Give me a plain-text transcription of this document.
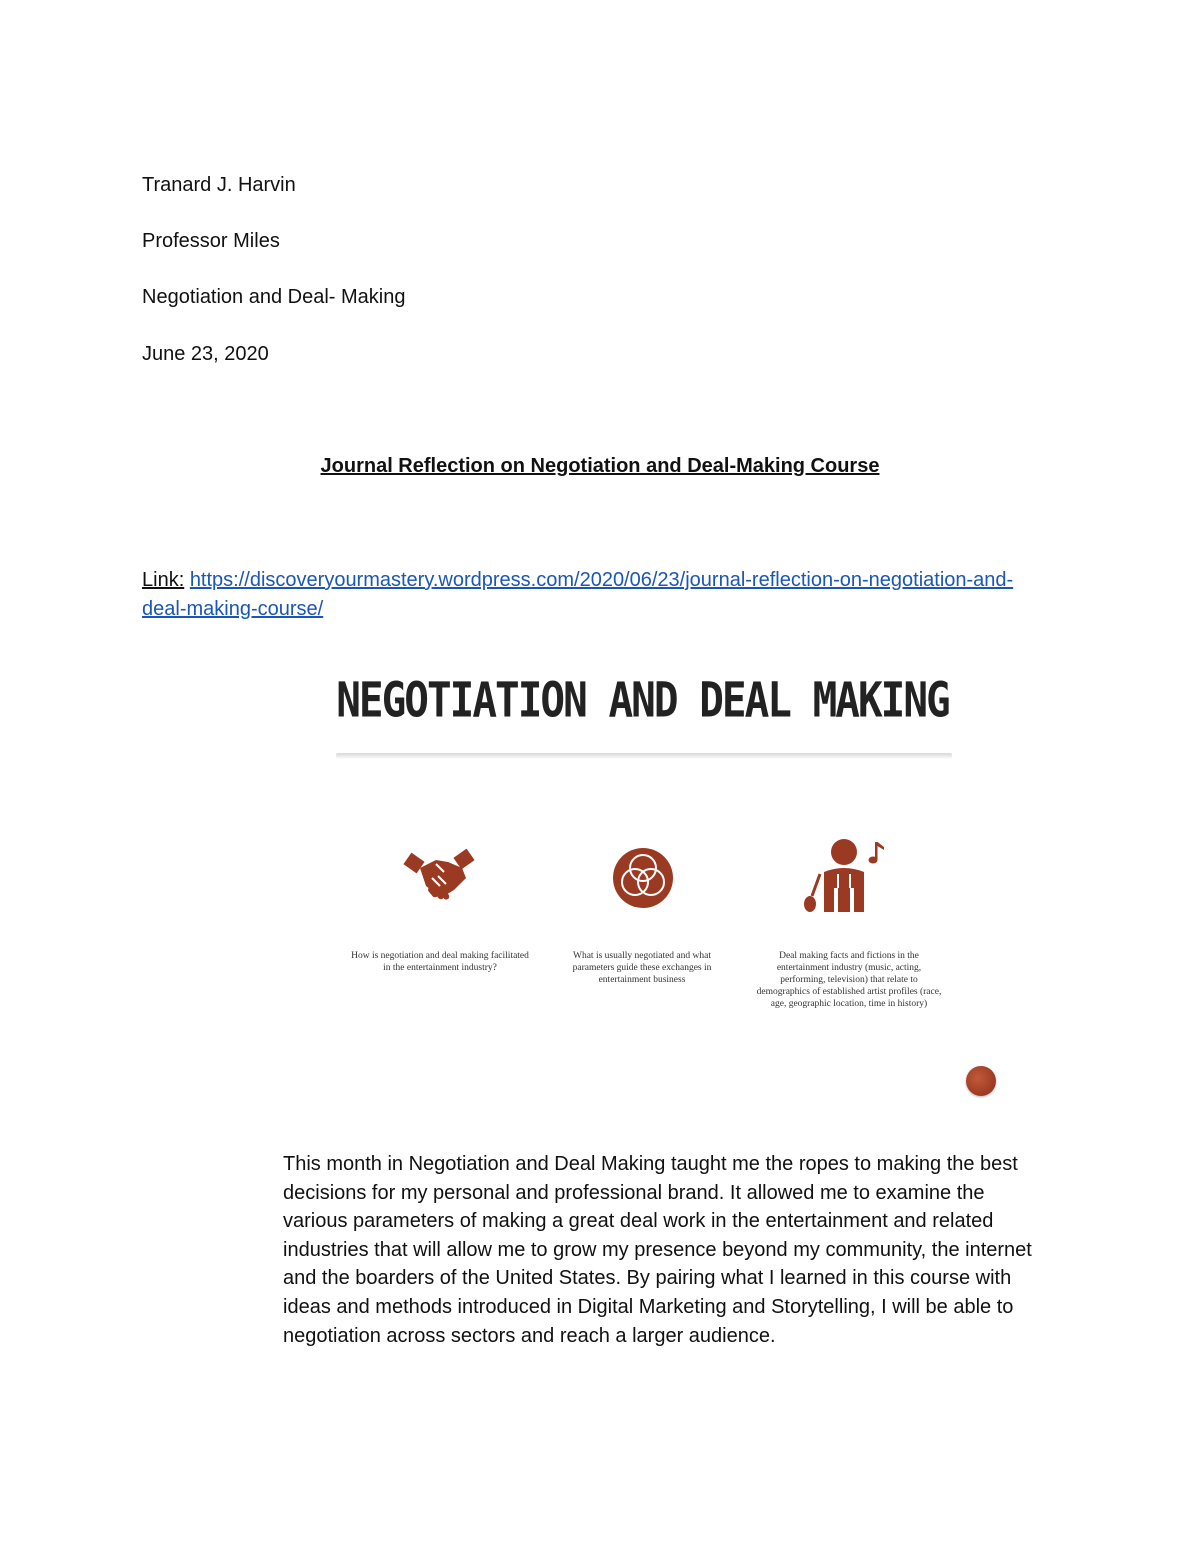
Tranard J. Harvin
Professor Miles
Negotiation and Deal- Making
June 23, 2020
Journal Reflection on Negotiation and Deal-Making Course
Link: https://discoveryourmastery.wordpress.com/2020/06/23/journal-reflection-on-negotiation-and-deal-making-course/
NEGOTIATION AND DEAL MAKING
How is negotiation and deal making facilitated in the entertainment industry?
What is usually negotiated and what parameters guide these exchanges in entertainment business
Deal making facts and fictions in the entertainment industry (music, acting, performing, television) that relate to demographics of established artist profiles (race, age, geographic location, time in history)
This month in Negotiation and Deal Making taught me the ropes to making the best decisions for my personal and professional brand. It allowed me to examine the various parameters of making a great deal work in the entertainment and related industries that will allow me to grow my presence beyond my community, the internet and the boarders of the United States. By pairing what I learned in this course with ideas and methods introduced in Digital Marketing and Storytelling, I will be able to negotiation across sectors and reach a larger audience.
